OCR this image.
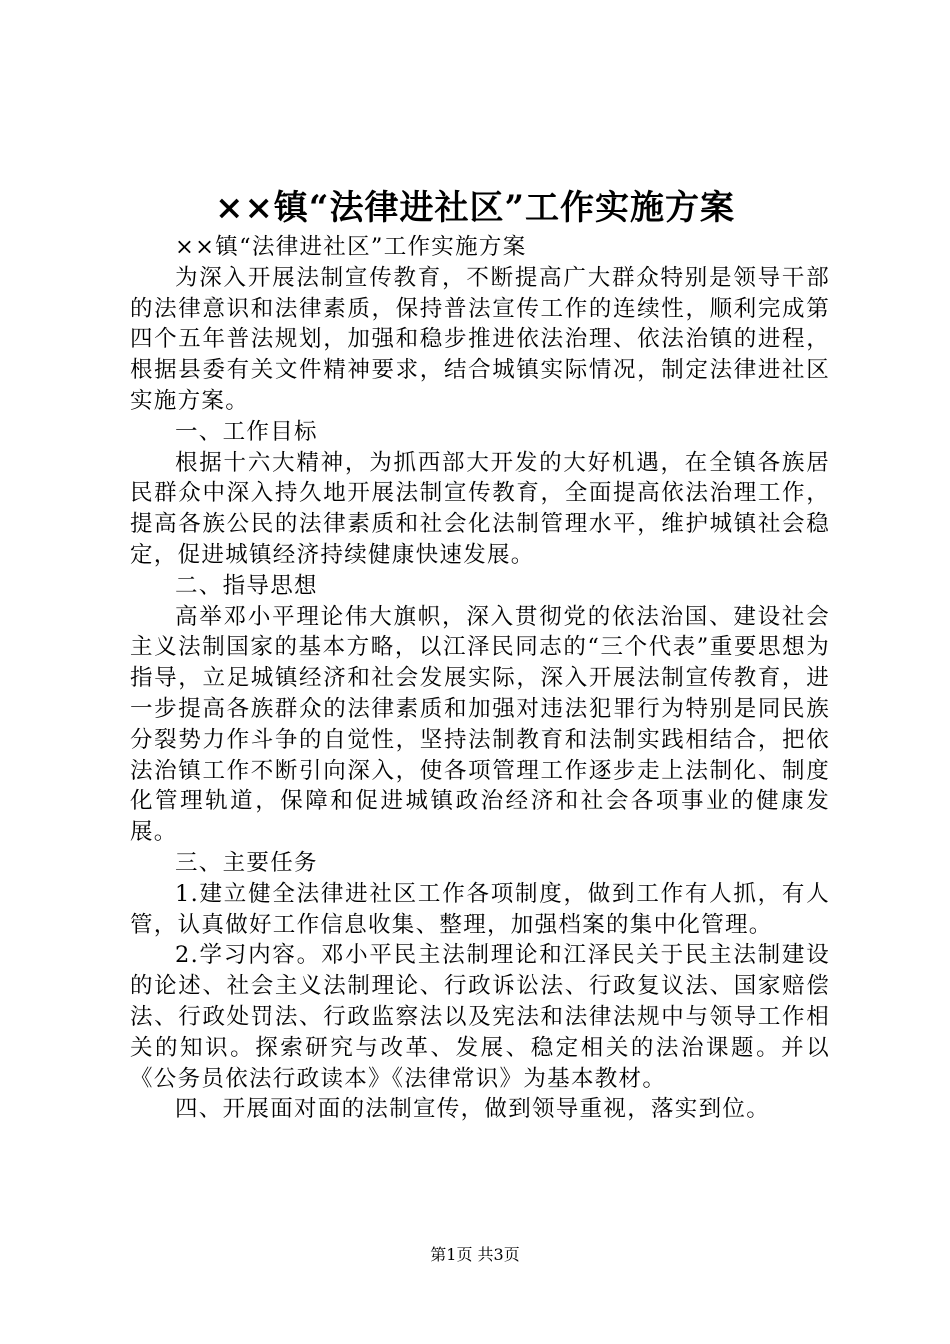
××镇“法律进社区”工作实施方案

××镇“法律进社区”工作实施方案

为深入开展法制宣传教育，不断提高广大群众特别是领导干部的法律意识和法律素质，保持普法宣传工作的连续性，顺利完成第四个五年普法规划，加强和稳步推进依法治理、依法治镇的进程，根据县委有关文件精神要求，结合城镇实际情况，制定法律进社区实施方案。

一、工作目标

根据十六大精神，为抓西部大开发的大好机遇，在全镇各族居民群众中深入持久地开展法制宣传教育，全面提高依法治理工作，提高各族公民的法律素质和社会化法制管理水平，维护城镇社会稳定，促进城镇经济持续健康快速发展。

二、指导思想

高举邓小平理论伟大旗帜，深入贯彻党的依法治国、建设社会主义法制国家的基本方略，以江泽民同志的“三个代表”重要思想为指导，立足城镇经济和社会发展实际，深入开展法制宣传教育，进一步提高各族群众的法律素质和加强对违法犯罪行为特别是同民族分裂势力作斗争的自觉性，坚持法制教育和法制实践相结合，把依法治镇工作不断引向深入，使各项管理工作逐步走上法制化、制度化管理轨道，保障和促进城镇政治经济和社会各项事业的健康发展。

三、主要任务

1.建立健全法律进社区工作各项制度，做到工作有人抓，有人管，认真做好工作信息收集、整理，加强档案的集中化管理。

2.学习内容。邓小平民主法制理论和江泽民关于民主法制建设的论述、社会主义法制理论、行政诉讼法、行政复议法、国家赔偿法、行政处罚法、行政监察法以及宪法和法律法规中与领导工作相关的知识。探索研究与改革、发展、稳定相关的法治课题。并以《公务员依法行政读本》《法律常识》为基本教材。

四、开展面对面的法制宣传，做到领导重视，落实到位。

第1页 共3页
